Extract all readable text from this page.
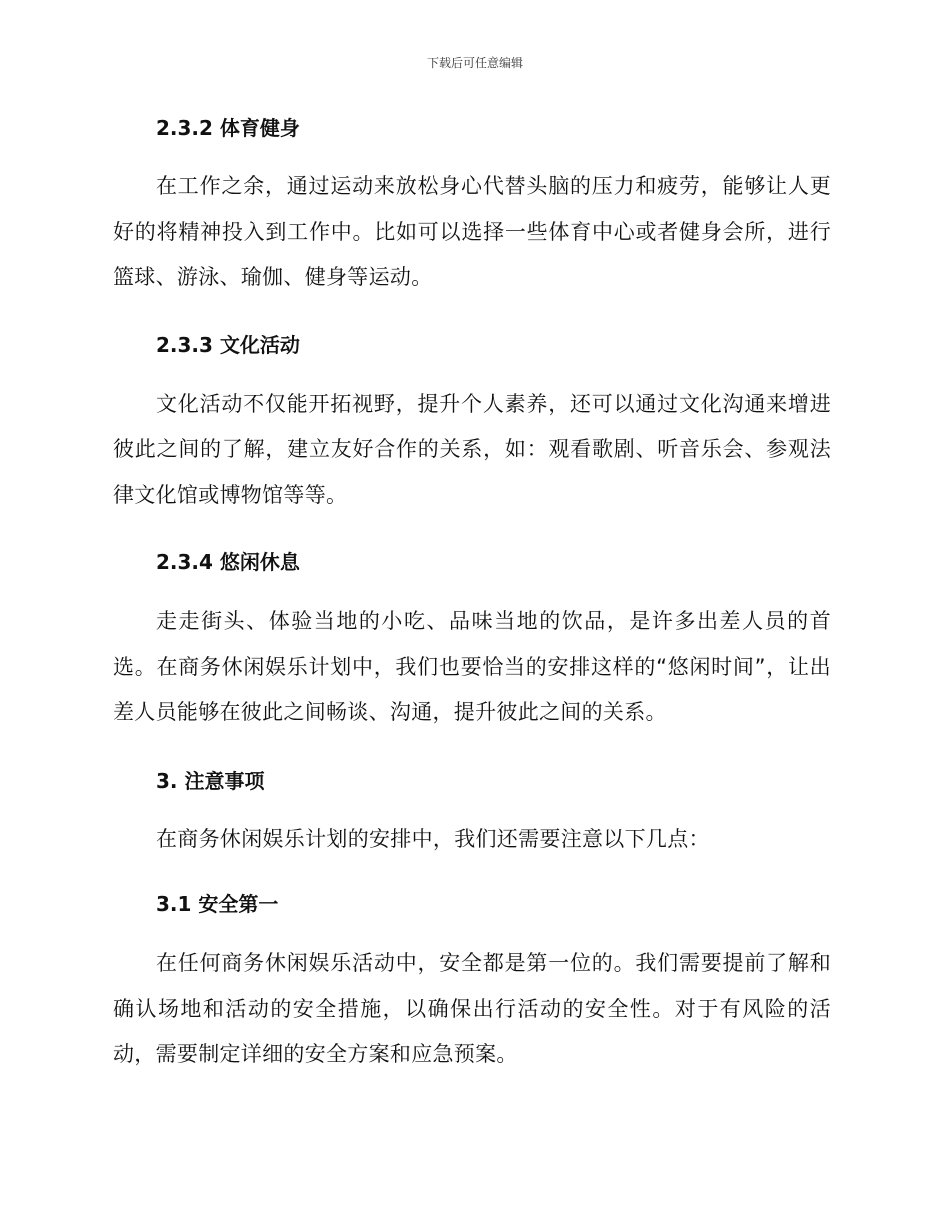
下载后可任意编辑
2.3.2 体育健身

在工作之余，通过运动来放松身心代替头脑的压力和疲劳，能够让人更好的将精神投入到工作中。比如可以选择一些体育中心或者健身会所，进行篮球、游泳、瑜伽、健身等运动。

2.3.3 文化活动

文化活动不仅能开拓视野，提升个人素养，还可以通过文化沟通来增进彼此之间的了解，建立友好合作的关系，如：观看歌剧、听音乐会、参观法律文化馆或博物馆等等。

2.3.4 悠闲休息

走走街头、体验当地的小吃、品味当地的饮品，是许多出差人员的首选。在商务休闲娱乐计划中，我们也要恰当的安排这样的“悠闲时间”，让出差人员能够在彼此之间畅谈、沟通，提升彼此之间的关系。

3. 注意事项

在商务休闲娱乐计划的安排中，我们还需要注意以下几点：

3.1 安全第一

在任何商务休闲娱乐活动中，安全都是第一位的。我们需要提前了解和确认场地和活动的安全措施，以确保出行活动的安全性。对于有风险的活动，需要制定详细的安全方案和应急预案。
